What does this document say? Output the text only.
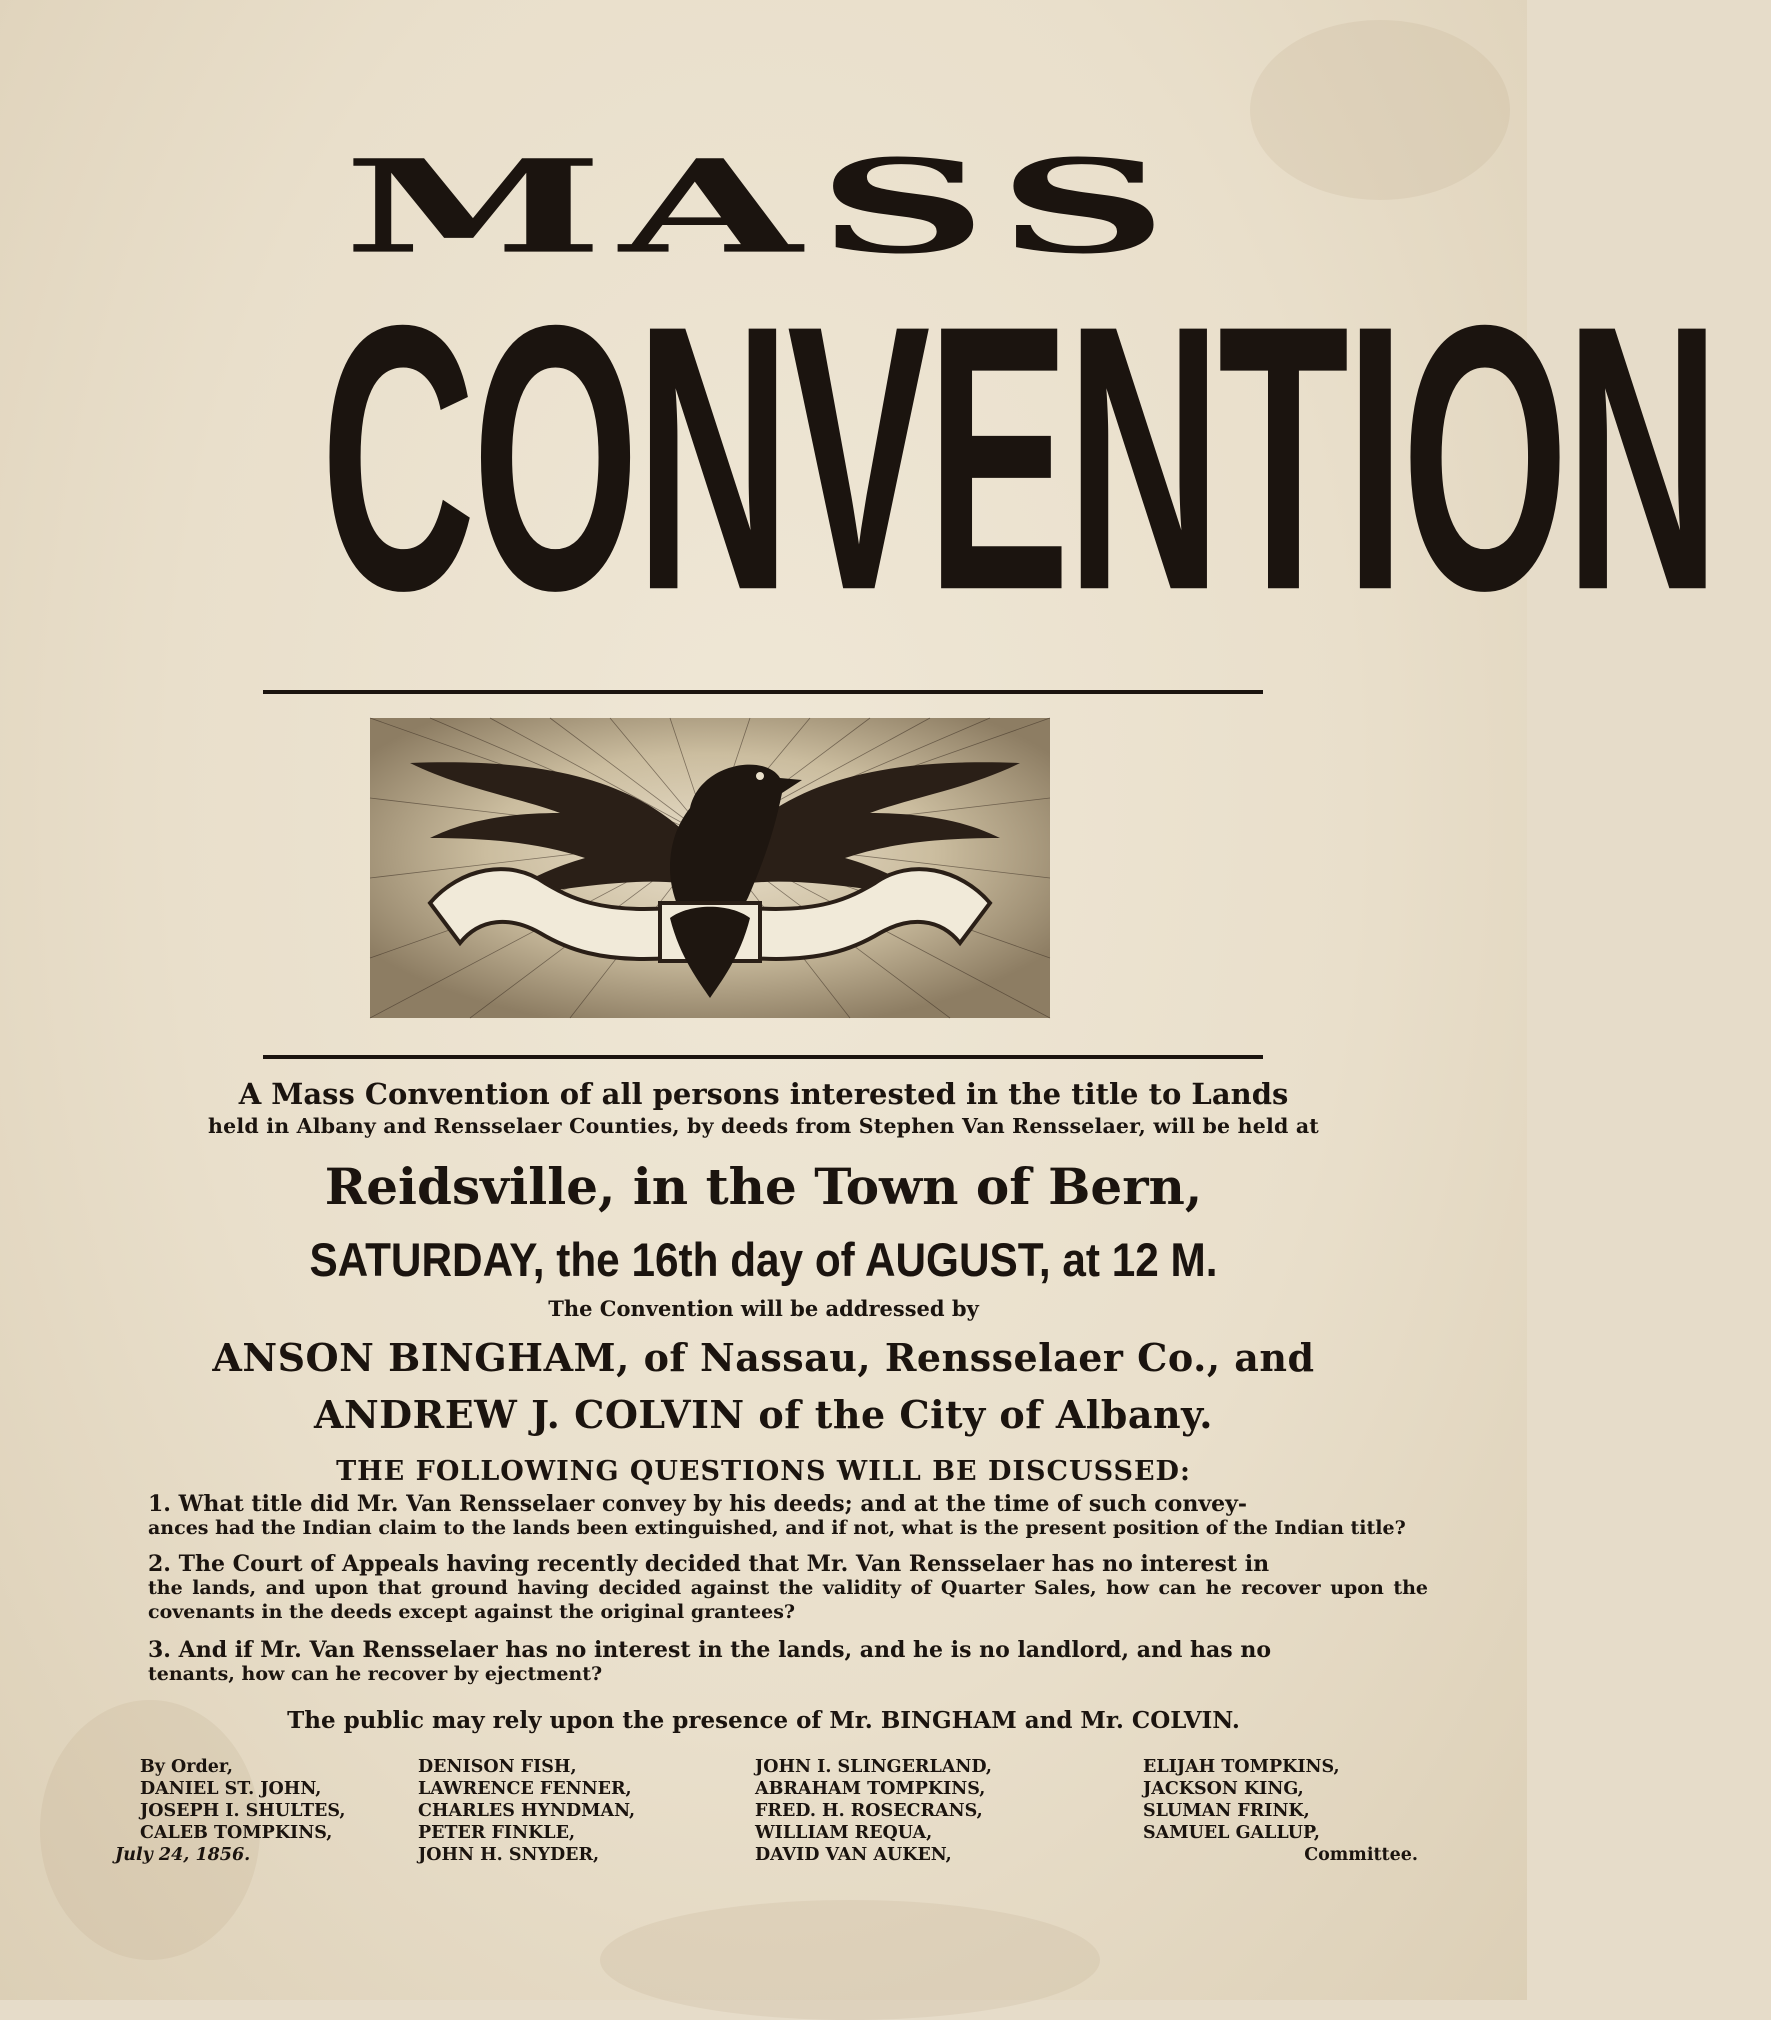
MASS
CONVENTION
A Mass Convention of all persons interested in the title to Lands
held in Albany and Rensselaer Counties, by deeds from Stephen Van Rensselaer, will be held at
Reidsville, in the Town of Bern,
SATURDAY, the 16th day of AUGUST, at 12 M.
The Convention will be addressed by
ANSON BINGHAM, of Nassau, Rensselaer Co., and
ANDREW J. COLVIN of the City of Albany.
THE FOLLOWING QUESTIONS WILL BE DISCUSSED:
1. What title did Mr. Van Rensselaer convey by his deeds; and at the time of such convey-
ances had the Indian claim to the lands been extinguished, and if not, what is the present position of the Indian title?
2. The Court of Appeals having recently decided that Mr. Van Rensselaer has no interest in
the lands, and upon that ground having decided against the validity of Quarter Sales, how can he recover upon the covenants in the deeds except against the original grantees?
3. And if Mr. Van Rensselaer has no interest in the lands, and he is no landlord, and has no
tenants, how can he recover by ejectment?
The public may rely upon the presence of Mr. BINGHAM and Mr. COLVIN.
By Order,
DANIEL ST. JOHN,
JOSEPH I. SHULTES,
CALEB TOMPKINS,
July 24, 1856.
DENISON FISH,
LAWRENCE FENNER,
CHARLES HYNDMAN,
PETER FINKLE,
JOHN H. SNYDER,
JOHN I. SLINGERLAND,
ABRAHAM TOMPKINS,
FRED. H. ROSECRANS,
WILLIAM REQUA,
DAVID VAN AUKEN,
ELIJAH TOMPKINS,
JACKSON KING,
SLUMAN FRINK,
SAMUEL GALLUP,
Committee.
